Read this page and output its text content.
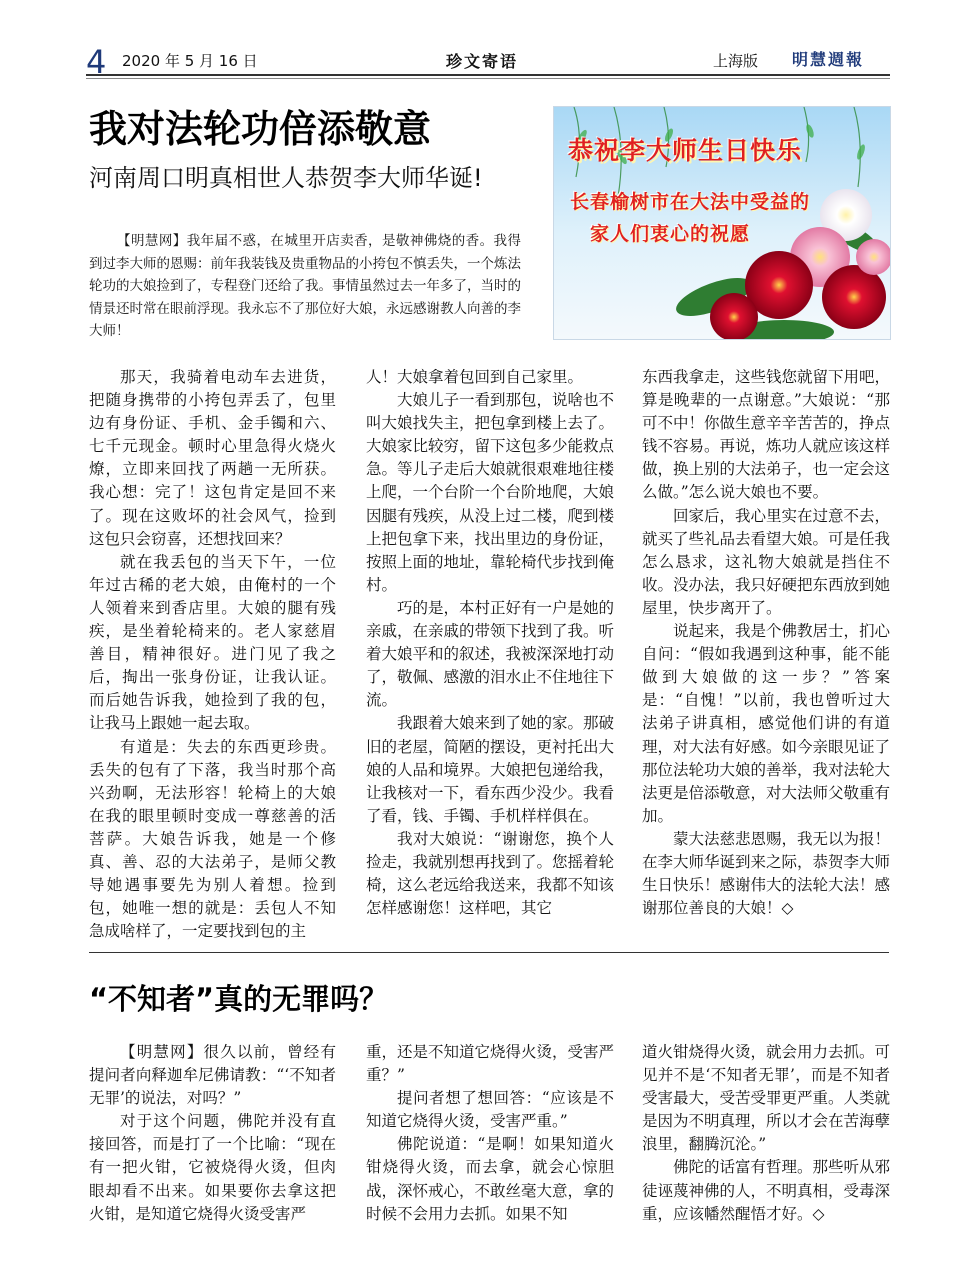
4 2020 年 5 月 16 日	珍文寄语	上海版 明慧週報
我对法轮功倍添敬意
河南周口明真相世人恭贺李大师华诞!

【明慧网】我年届不惑，在城里开店卖香，是敬神佛烧的香。我得到过李大师的恩赐：前年我装钱及贵重物品的小挎包不慎丢失，一个炼法轮功的大娘捡到了，专程登门还给了我。事情虽然过去一年多了，当时的情景还时常在眼前浮现。我永忘不了那位好大娘，永远感谢教人向善的李大师！

恭祝李大师生日快乐
长春榆树市在大法中受益的
家人们衷心的祝愿

那天，我骑着电动车去进货，把随身携带的小挎包弄丢了，包里边有身份证、手机、金手镯和六、七千元现金。顿时心里急得火烧火燎，立即来回找了两趟一无所获。我心想：完了！这包肯定是回不来了。现在这败坏的社会风气，捡到这包只会窃喜，还想找回来？

就在我丢包的当天下午，一位年过古稀的老大娘，由俺村的一个人领着来到香店里。大娘的腿有残疾，是坐着轮椅来的。老人家慈眉善目，精神很好。进门见了我之后，掏出一张身份证，让我认证。而后她告诉我，她捡到了我的包，让我马上跟她一起去取。

有道是：失去的东西更珍贵。丢失的包有了下落，我当时那个高兴劲啊，无法形容！轮椅上的大娘在我的眼里顿时变成一尊慈善的活菩萨。大娘告诉我，她是一个修真、善、忍的大法弟子，是师父教导她遇事要先为别人着想。捡到包，她唯一想的就是：丢包人不知急成啥样了，一定要找到包的主

人！大娘拿着包回到自己家里。

大娘儿子一看到那包，说啥也不叫大娘找失主，把包拿到楼上去了。大娘家比较穷，留下这包多少能救点急。等儿子走后大娘就很艰难地往楼上爬，一个台阶一个台阶地爬，大娘因腿有残疾，从没上过二楼，爬到楼上把包拿下来，找出里边的身份证，按照上面的地址，靠轮椅代步找到俺村。

巧的是，本村正好有一户是她的亲戚，在亲戚的带领下找到了我。听着大娘平和的叙述，我被深深地打动了，敬佩、感激的泪水止不住地往下流。

我跟着大娘来到了她的家。那破旧的老屋，简陋的摆设，更衬托出大娘的人品和境界。大娘把包递给我，让我核对一下，看东西少没少。我看了看，钱、手镯、手机样样俱在。

我对大娘说：“谢谢您，换个人捡走，我就别想再找到了。您摇着轮椅，这么老远给我送来，我都不知该怎样感谢您！这样吧，其它

东西我拿走，这些钱您就留下用吧，算是晚辈的一点谢意。”大娘说：“那可不中！你做生意辛辛苦苦的，挣点钱不容易。再说，炼功人就应该这样做，换上别的大法弟子，也一定会这么做。”怎么说大娘也不要。

回家后，我心里实在过意不去，就买了些礼品去看望大娘。可是任我怎么恳求，这礼物大娘就是挡住不收。没办法，我只好硬把东西放到她屋里，快步离开了。

说起来，我是个佛教居士，扪心自问：“假如我遇到这种事，能不能做到大娘做的这一步？”答案是：“自愧！”以前，我也曾听过大法弟子讲真相，感觉他们讲的有道理，对大法有好感。如今亲眼见证了那位法轮功大娘的善举，我对法轮大法更是倍添敬意，对大法师父敬重有加。

蒙大法慈悲恩赐，我无以为报！在李大师华诞到来之际，恭贺李大师生日快乐！感谢伟大的法轮大法！感谢那位善良的大娘！◇

“不知者”真的无罪吗？

【明慧网】很久以前，曾经有提问者向释迦牟尼佛请教：“‘不知者无罪’的说法，对吗？”

对于这个问题，佛陀并没有直接回答，而是打了一个比喻：“现在有一把火钳，它被烧得火烫，但肉眼却看不出来。如果要你去拿这把火钳，是知道它烧得火烫受害严

重，还是不知道它烧得火烫，受害严重？”

提问者想了想回答：“应该是不知道它烧得火烫，受害严重。”

佛陀说道：“是啊！如果知道火钳烧得火烫，而去拿，就会心惊胆战，深怀戒心，不敢丝毫大意，拿的时候不会用力去抓。如果不知

道火钳烧得火烫，就会用力去抓。可见并不是‘不知者无罪’，而是不知者受害最大，受苦受罪更严重。人类就是因为不明真理，所以才会在苦海孽浪里，翻腾沉沦。”

佛陀的话富有哲理。那些听从邪徒诬蔑神佛的人，不明真相，受毒深重，应该幡然醒悟才好。◇
